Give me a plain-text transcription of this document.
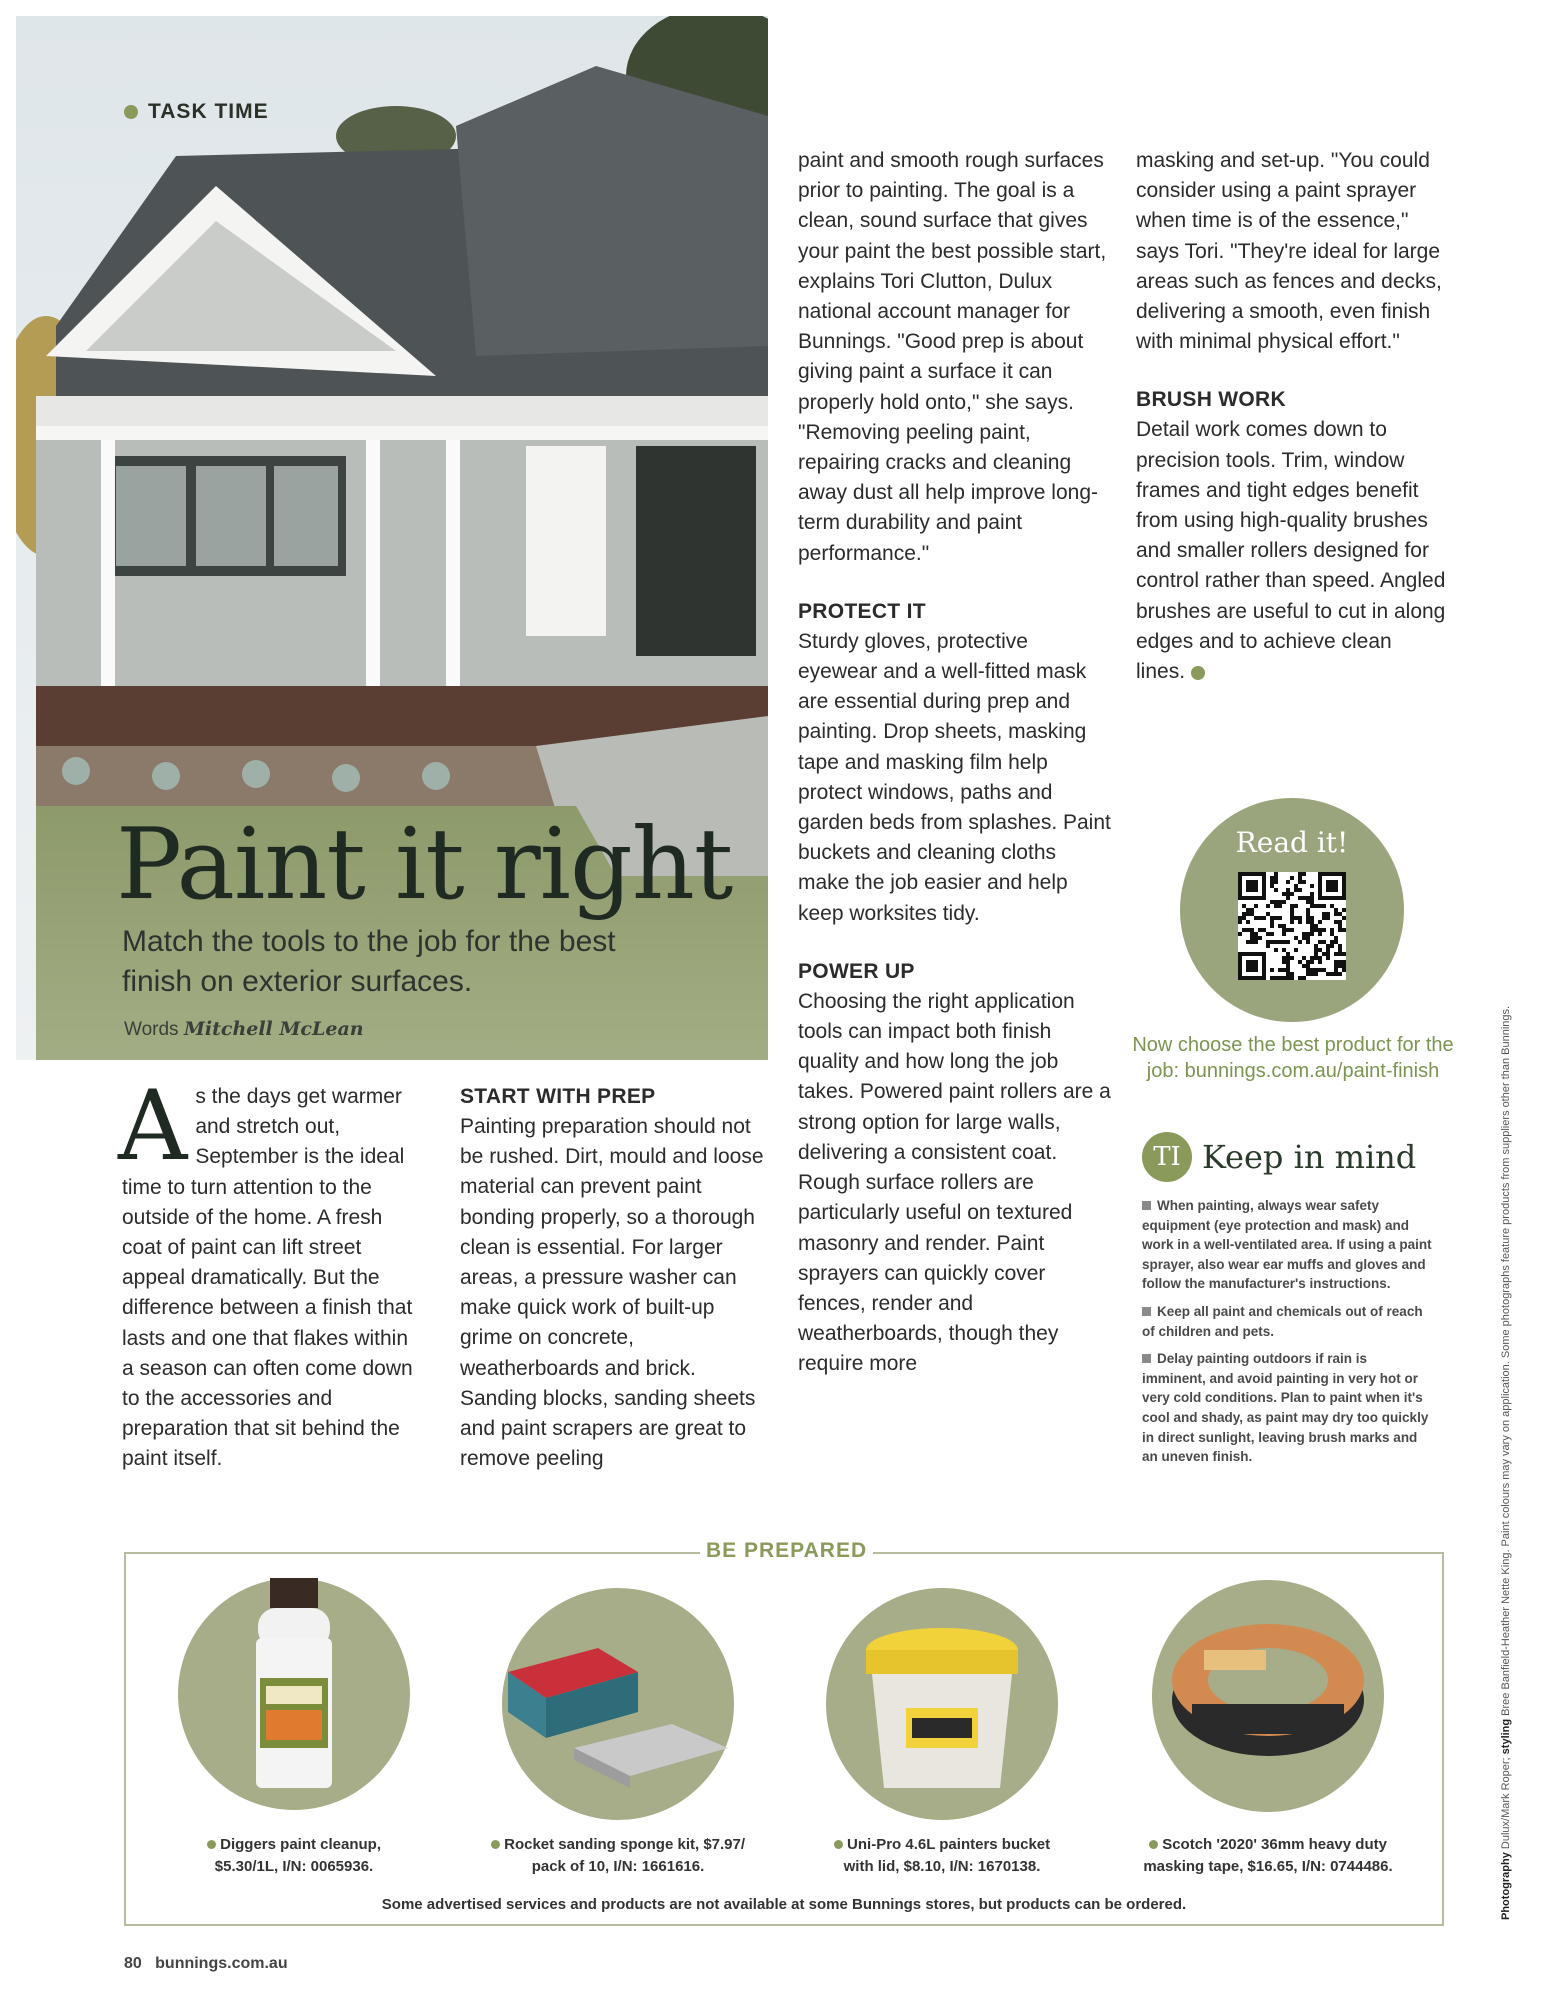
TASK TIME
Paint it right
Match the tools to the job for the best finish on exterior surfaces.
Words Mitchell McLean
A s the days get warmer and stretch out, September is the ideal time to turn attention to the outside of the home. A fresh coat of paint can lift street appeal dramatically. But the difference between a finish that lasts and one that flakes within a season can often come down to the accessories and preparation that sit behind the paint itself.

START WITH PREP

Painting preparation should not be rushed. Dirt, mould and loose material can prevent paint bonding properly, so a thorough clean is essential. For larger areas, a pressure washer can make quick work of built-up grime on concrete, weatherboards and brick. Sanding blocks, sanding sheets and paint scrapers are great to remove peeling

paint and smooth rough surfaces prior to painting. The goal is a clean, sound surface that gives your paint the best possible start, explains Tori Clutton, Dulux national account manager for Bunnings. "Good prep is about giving paint a surface it can properly hold onto," she says. "Removing peeling paint, repairing cracks and cleaning away dust all help improve long-term durability and paint performance."

PROTECT IT

Sturdy gloves, protective eyewear and a well-fitted mask are essential during prep and painting. Drop sheets, masking tape and masking film help protect windows, paths and garden beds from splashes. Paint buckets and cleaning cloths make the job easier and help keep worksites tidy.

POWER UP

Choosing the right application tools can impact both finish quality and how long the job takes. Powered paint rollers are a strong option for large walls, delivering a consistent coat. Rough surface rollers are particularly useful on textured masonry and render. Paint sprayers can quickly cover fences, render and weatherboards, though they require more

masking and set-up. "You could consider using a paint sprayer when time is of the essence," says Tori. "They're ideal for large areas such as fences and decks, delivering a smooth, even finish with minimal physical effort."

BRUSH WORK

Detail work comes down to precision tools. Trim, window frames and tight edges benefit from using high-quality brushes and smaller rollers designed for control rather than speed. Angled brushes are useful to cut in along edges and to achieve clean lines.

Read it!
Now choose the best product for the job: bunnings.com.au/paint-finish
TI Keep in mind
When painting, always wear safety equipment (eye protection and mask) and work in a well-ventilated area. If using a paint sprayer, also wear ear muffs and gloves and follow the manufacturer's instructions.
Keep all paint and chemicals out of reach of children and pets.
Delay painting outdoors if rain is imminent, and avoid painting in very hot or very cold conditions. Plan to paint when it's cool and shady, as paint may dry too quickly in direct sunlight, leaving brush marks and an uneven finish.
BE PREPARED
Diggers paint cleanup,
$5.30/1L, I/N: 0065936.
Rocket sanding sponge kit, $7.97/
pack of 10, I/N: 1661616.
Uni-Pro 4.6L painters bucket
with lid, $8.10, I/N: 1670138.
Scotch '2020' 36mm heavy duty
masking tape, $16.65, I/N: 0744486.
Some advertised services and products are not available at some Bunnings stores, but products can be ordered.
80 bunnings.com.au
Photography Dulux/Mark Roper; styling Bree Banfield-Heather Nette King. Paint colours may vary on application. Some photographs feature products from suppliers other than Bunnings.
